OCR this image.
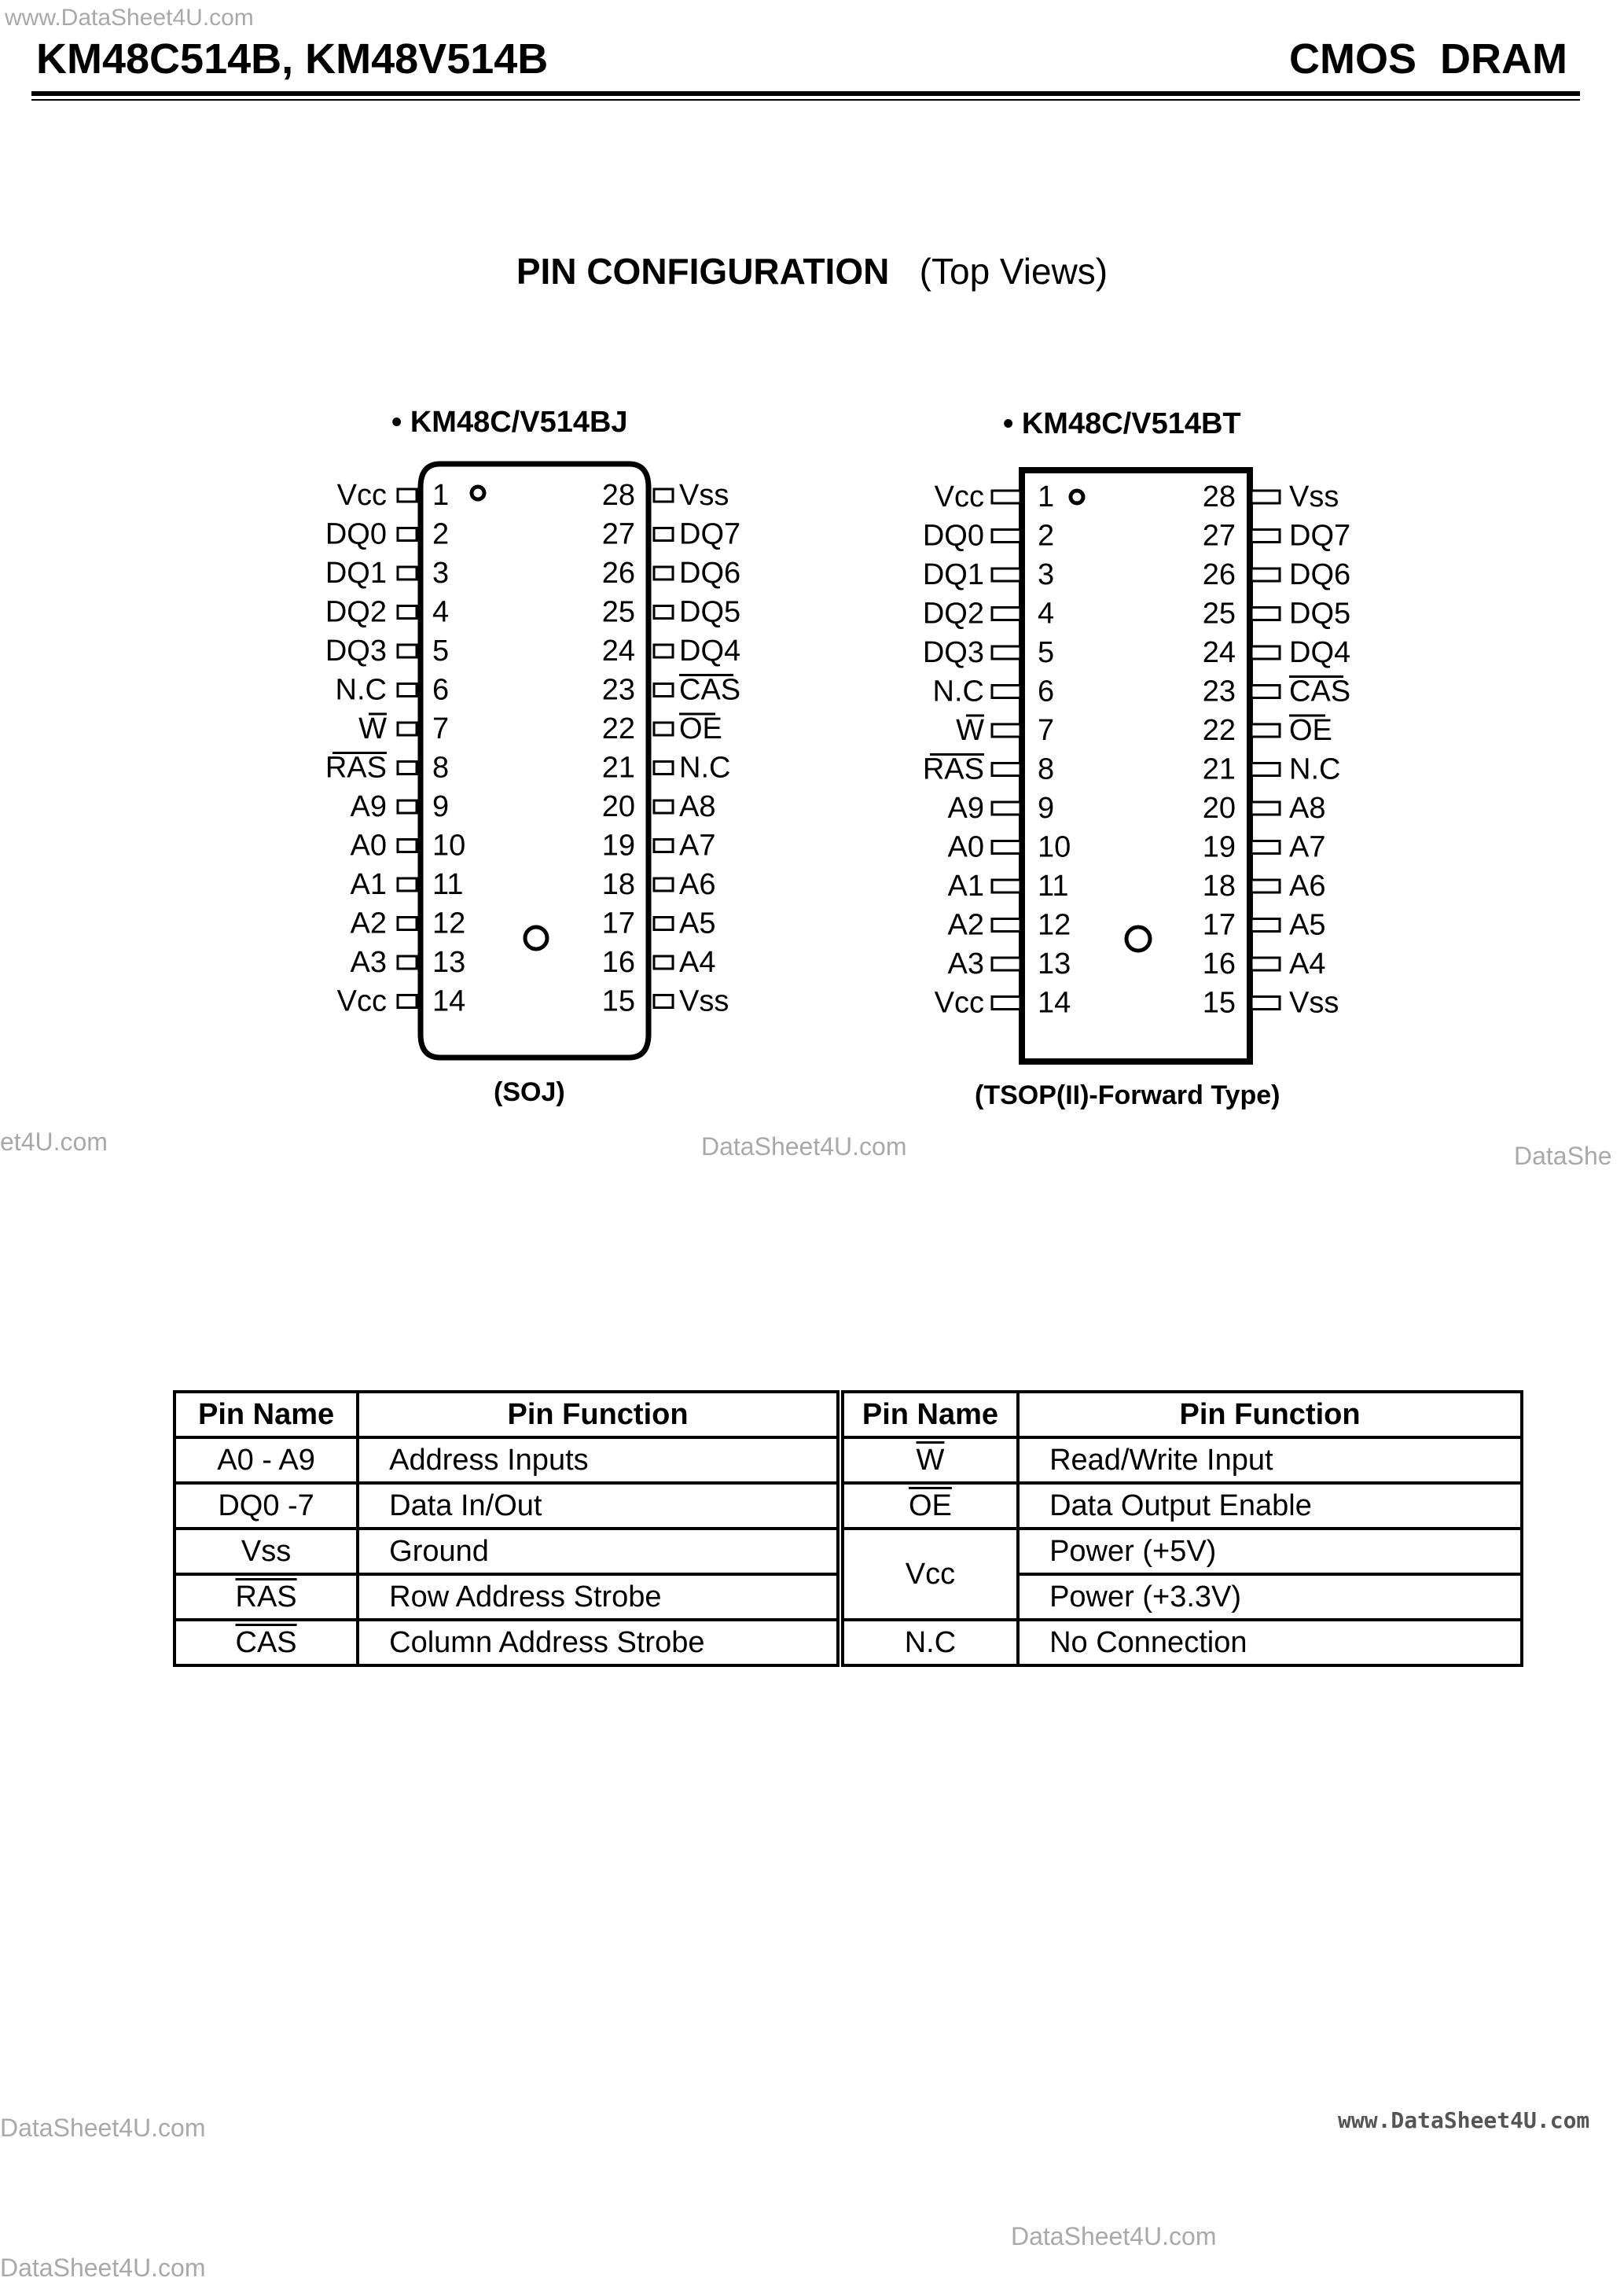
www.DataSheet4U.com
et4U.com	DataSheet4U.com	DataShe
DataSheet4U.com	www.DataSheet4U.com
DataSheet4U.com
DataSheet4U.com
KM48C514B, KM48V514B	CMOS  DRAM
PIN CONFIGURATION (Top Views)
• KM48C/V514BJ	• KM48C/V514BT
Vcc 1	28 Vss
DQ0 2	27 DQ7
DQ1 3	26 DQ6
DQ2 4	25 DQ5
DQ3 5	24 DQ4
N.C 6	23 CAS
W 7	22 OE
RAS 8	21 N.C
A9 9	20 A8
A0 10	19 A7
A1 11	18 A6
A2 12	17 A5
A3 13	16 A4
Vcc 14	15 Vss
Vcc 1	28 Vss
DQ0 2	27 DQ7
DQ1 3	26 DQ6
DQ2 4	25 DQ5
DQ3 5	24 DQ4
N.C 6	23 CAS
W 7	22 OE
RAS 8	21 N.C
A9 9	20 A8
A0 10	19 A7
A1 11	18 A6
A2 12	17 A5
A3 13	16 A4
Vcc 14	15 Vss
(SOJ)	(TSOP(II)-Forward Type)
Pin Name	Pin Function		Pin Name	Pin Function
A0 - A9	Address Inputs		$\overline{W}$	Read/Write Input
DQ0 -7	Data In/Out		$\overline{OE}$	Data Output Enable
Vss	Ground		Vcc	Power (+5V)
$\overline{RAS}$	Row Address Strobe			Power (+3.3V)
$\overline{CAS}$	Column Address Strobe		N.C	No Connection
